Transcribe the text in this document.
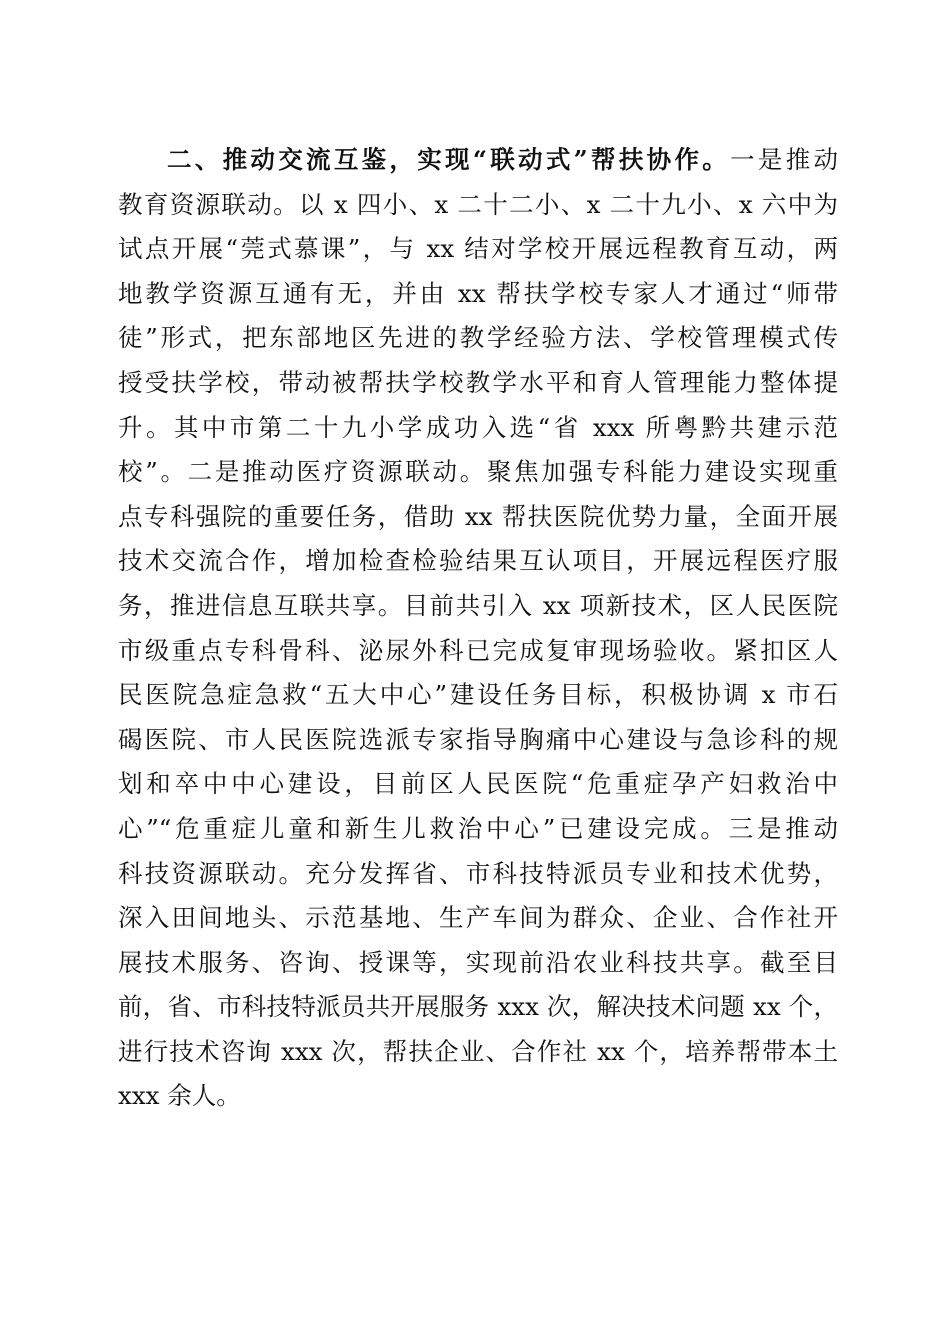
二、推动交流互鉴，实现“联动式”帮扶协作。一是推动
教育资源联动。以 x 四小、x 二十二小、x 二十九小、x 六中为
试点开展“莞式慕课”，与 xx 结对学校开展远程教育互动，两
地教学资源互通有无，并由 xx 帮扶学校专家人才通过“师带
徒”形式，把东部地区先进的教学经验方法、学校管理模式传
授受扶学校，带动被帮扶学校教学水平和育人管理能力整体提
升。其中市第二十九小学成功入选“省 xxx 所粤黔共建示范
校”。二是推动医疗资源联动。聚焦加强专科能力建设实现重
点专科强院的重要任务，借助 xx 帮扶医院优势力量，全面开展
技术交流合作，增加检查检验结果互认项目，开展远程医疗服
务，推进信息互联共享。目前共引入 xx 项新技术，区人民医院
市级重点专科骨科、泌尿外科已完成复审现场验收。紧扣区人
民医院急症急救“五大中心”建设任务目标，积极协调 x 市石
碣医院、市人民医院选派专家指导胸痛中心建设与急诊科的规
划和卒中中心建设，目前区人民医院“危重症孕产妇救治中
心”“危重症儿童和新生儿救治中心”已建设完成。三是推动
科技资源联动。充分发挥省、市科技特派员专业和技术优势，
深入田间地头、示范基地、生产车间为群众、企业、合作社开
展技术服务、咨询、授课等，实现前沿农业科技共享。截至目
前，省、市科技特派员共开展服务 xxx 次，解决技术问题 xx 个，
进行技术咨询 xxx 次，帮扶企业、合作社 xx 个，培养帮带本土
xxx 余人。
